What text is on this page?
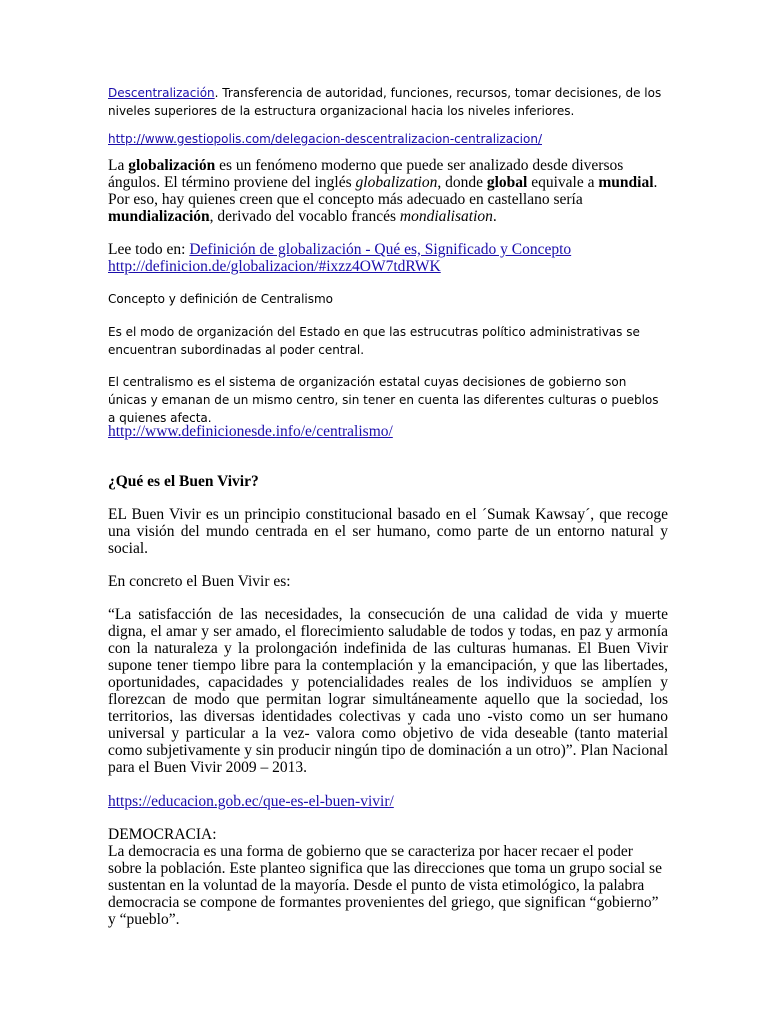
Descentralización. Transferencia de autoridad, funciones, recursos, tomar decisiones, de los niveles superiores de la estructura organizacional hacia los niveles inferiores.

http://www.gestiopolis.com/delegacion-descentralizacion-centralizacion/

La globalización es un fenómeno moderno que puede ser analizado desde diversos ángulos. El término proviene del inglés globalization, donde global equivale a mundial. Por eso, hay quienes creen que el concepto más adecuado en castellano sería mundialización, derivado del vocablo francés mondialisation.

Lee todo en: Definición de globalización - Qué es, Significado y Concepto
http://definicion.de/globalizacion/#ixzz4OW7tdRWK

Concepto y definición de Centralismo

Es el modo de organización del Estado en que las estrucutras político administrativas se encuentran subordinadas al poder central.

El centralismo es el sistema de organización estatal cuyas decisiones de gobierno son únicas y emanan de un mismo centro, sin tener en cuenta las diferentes culturas o pueblos a quienes afecta.

http://www.definicionesde.info/e/centralismo/

¿Qué es el Buen Vivir?

EL Buen Vivir es un principio constitucional basado en el ´Sumak Kawsay´, que recoge una visión del mundo centrada en el ser humano, como parte de un entorno natural y social.

En concreto el Buen Vivir es:

“La satisfacción de las necesidades, la consecución de una calidad de vida y muerte digna, el amar y ser amado, el florecimiento saludable de todos y todas, en paz y armonía con la naturaleza y la prolongación indefinida de las culturas humanas. El Buen Vivir supone tener tiempo libre para la contemplación y la emancipación, y que las libertades, oportunidades, capacidades y potencialidades reales de los individuos se amplíen y florezcan de modo que permitan lograr simultáneamente aquello que la sociedad, los territorios, las diversas identidades colectivas y cada uno -visto como un ser humano universal y particular a la vez- valora como objetivo de vida deseable (tanto material como subjetivamente y sin producir ningún tipo de dominación a un otro)”. Plan Nacional para el Buen Vivir 2009 – 2013.

https://educacion.gob.ec/que-es-el-buen-vivir/

DEMOCRACIA:

La democracia es una forma de gobierno que se caracteriza por hacer recaer el poder sobre la población. Este planteo significa que las direcciones que toma un grupo social se sustentan en la voluntad de la mayoría. Desde el punto de vista etimológico, la palabra democracia se compone de formantes provenientes del griego, que significan “gobierno” y “pueblo”.
